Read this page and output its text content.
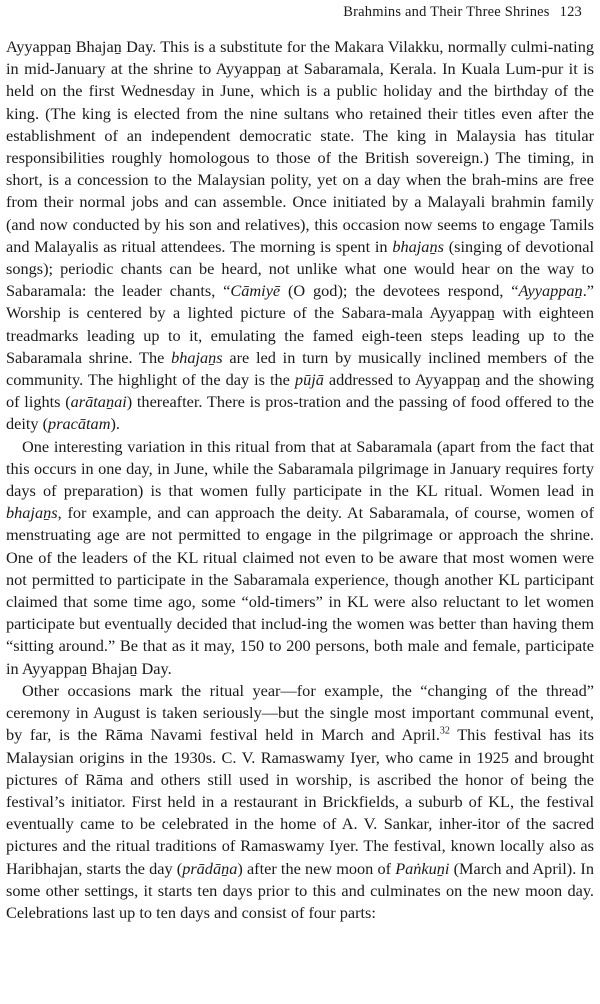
Brahmins and Their Three Shrines 123

Ayyappaṉ Bhajaṉ Day. This is a substitute for the Makara Vilakku, normally culmi-nating in mid-January at the shrine to Ayyappaṉ at Sabaramala, Kerala. In Kuala Lum-pur it is held on the first Wednesday in June, which is a public holiday and the birthday of the king. (The king is elected from the nine sultans who retained their titles even after the establishment of an independent democratic state. The king in Malaysia has titular responsibilities roughly homologous to those of the British sovereign.) The timing, in short, is a concession to the Malaysian polity, yet on a day when the brah-mins are free from their normal jobs and can assemble. Once initiated by a Malayali brahmin family (and now conducted by his son and relatives), this occasion now seems to engage Tamils and Malayalis as ritual attendees. The morning is spent in bhajaṉs (singing of devotional songs); periodic chants can be heard, not unlike what one would hear on the way to Sabaramala: the leader chants, “Cāmiyē (O god); the devotees respond, “Ayyappaṉ.” Worship is centered by a lighted picture of the Sabara-mala Ayyappaṉ with eighteen treadmarks leading up to it, emulating the famed eigh-teen steps leading up to the Sabaramala shrine. The bhajaṉs are led in turn by musically inclined members of the community. The highlight of the day is the pūjā addressed to Ayyappaṉ and the showing of lights (arātaṉai) thereafter. There is pros-tration and the passing of food offered to the deity (pracātam).

One interesting variation in this ritual from that at Sabaramala (apart from the fact that this occurs in one day, in June, while the Sabaramala pilgrimage in January requires forty days of preparation) is that women fully participate in the KL ritual. Women lead in bhajaṉs, for example, and can approach the deity. At Sabaramala, of course, women of menstruating age are not permitted to engage in the pilgrimage or approach the shrine. One of the leaders of the KL ritual claimed not even to be aware that most women were not permitted to participate in the Sabaramala experience, though another KL participant claimed that some time ago, some “old-timers” in KL were also reluctant to let women participate but eventually decided that includ-ing the women was better than having them “sitting around.” Be that as it may, 150 to 200 persons, both male and female, participate in Ayyappaṉ Bhajaṉ Day.

Other occasions mark the ritual year—for example, the “changing of the thread” ceremony in August is taken seriously—but the single most important communal event, by far, is the Rāma Navami festival held in March and April.$^{32}$ This festival has its Malaysian origins in the 1930s. C. V. Ramaswamy Iyer, who came in 1925 and brought pictures of Rāma and others still used in worship, is ascribed the honor of being the festival’s initiator. First held in a restaurant in Brickfields, a suburb of KL, the festival eventually came to be celebrated in the home of A. V. Sankar, inher-itor of the sacred pictures and the ritual traditions of Ramaswamy Iyer. The festival, known locally also as Haribhajan, starts the day (prādāṉa) after the new moon of Paṅkuṉi (March and April). In some other settings, it starts ten days prior to this and culminates on the new moon day. Celebrations last up to ten days and consist of four parts:
